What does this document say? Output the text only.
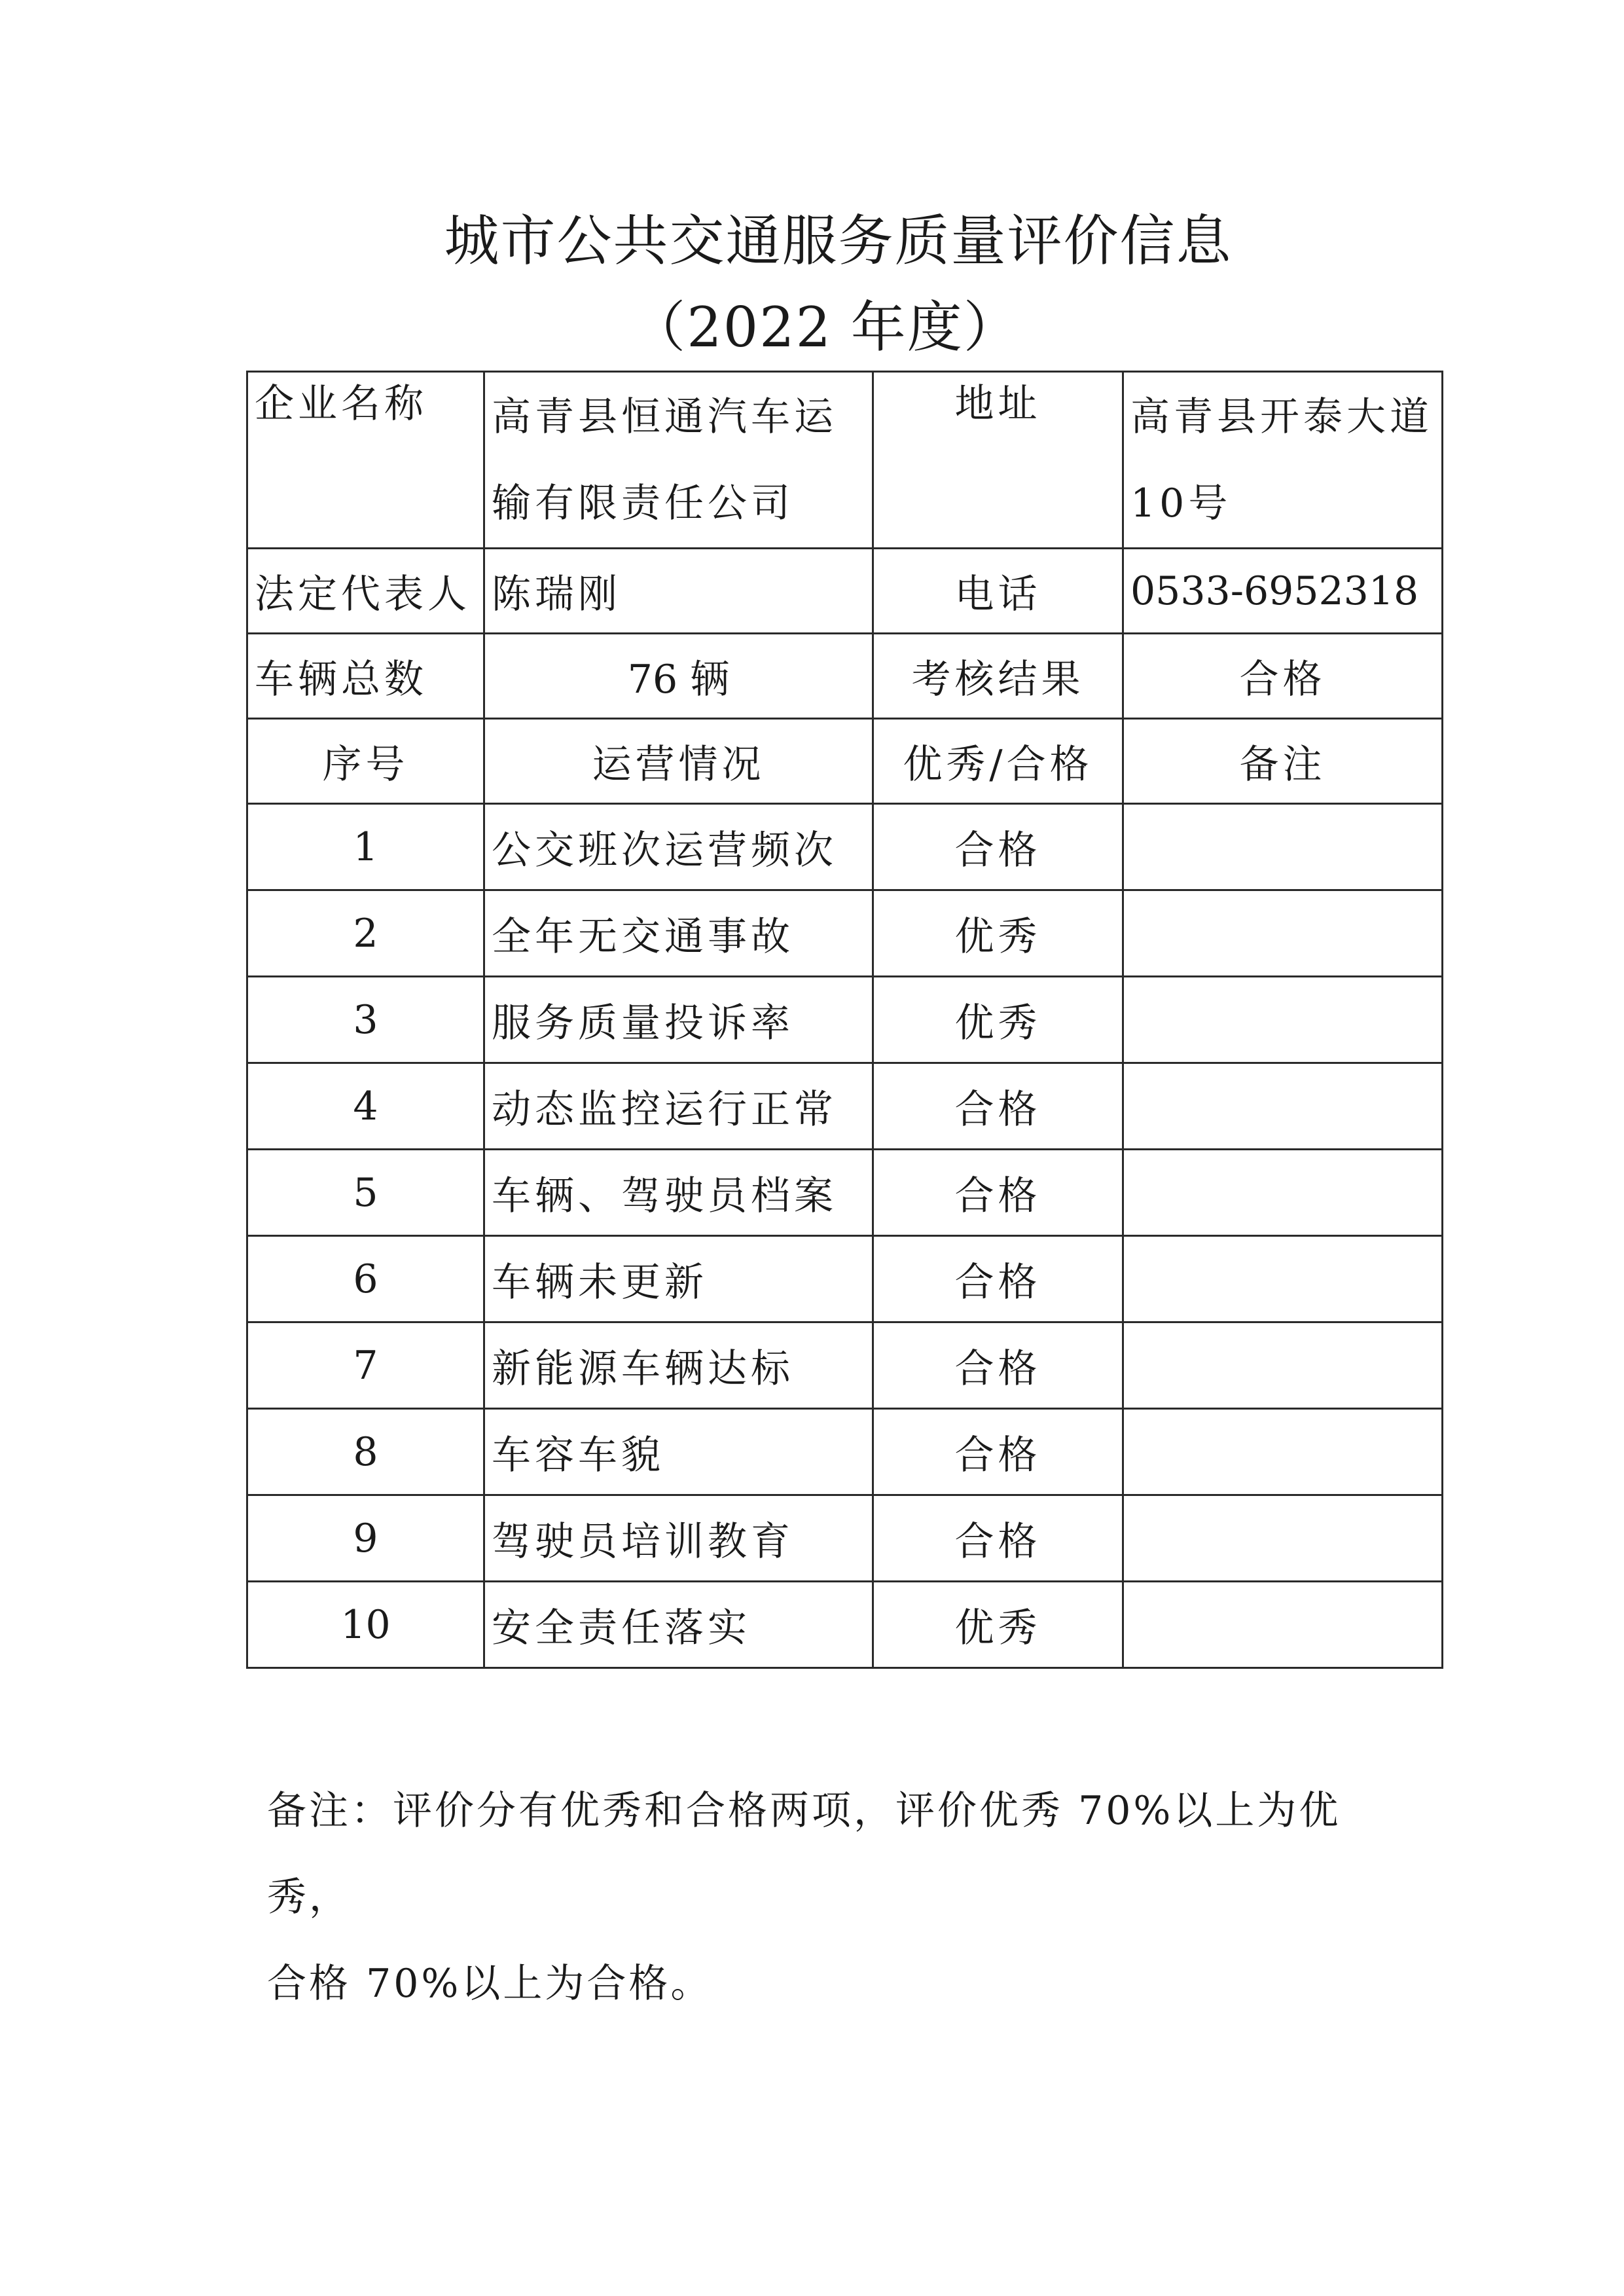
城市公共交通服务质量评价信息
（2022 年度）
企业名称	高青县恒通汽车运输有限责任公司	地址	高青县开泰大道10号
法定代表人	陈瑞刚	电话	0533-6952318
车辆总数	76 辆	考核结果	合格
序号	运营情况	优秀/合格	备注
1	公交班次运营频次	合格	
2	全年无交通事故	优秀	
3	服务质量投诉率	优秀	
4	动态监控运行正常	合格	
5	车辆、驾驶员档案	合格	
6	车辆未更新	合格	
7	新能源车辆达标	合格	
8	车容车貌	合格	
9	驾驶员培训教育	合格	
10	安全责任落实	优秀	
备注：评价分有优秀和合格两项，评价优秀 70%以上为优秀，
合格 70%以上为合格。
